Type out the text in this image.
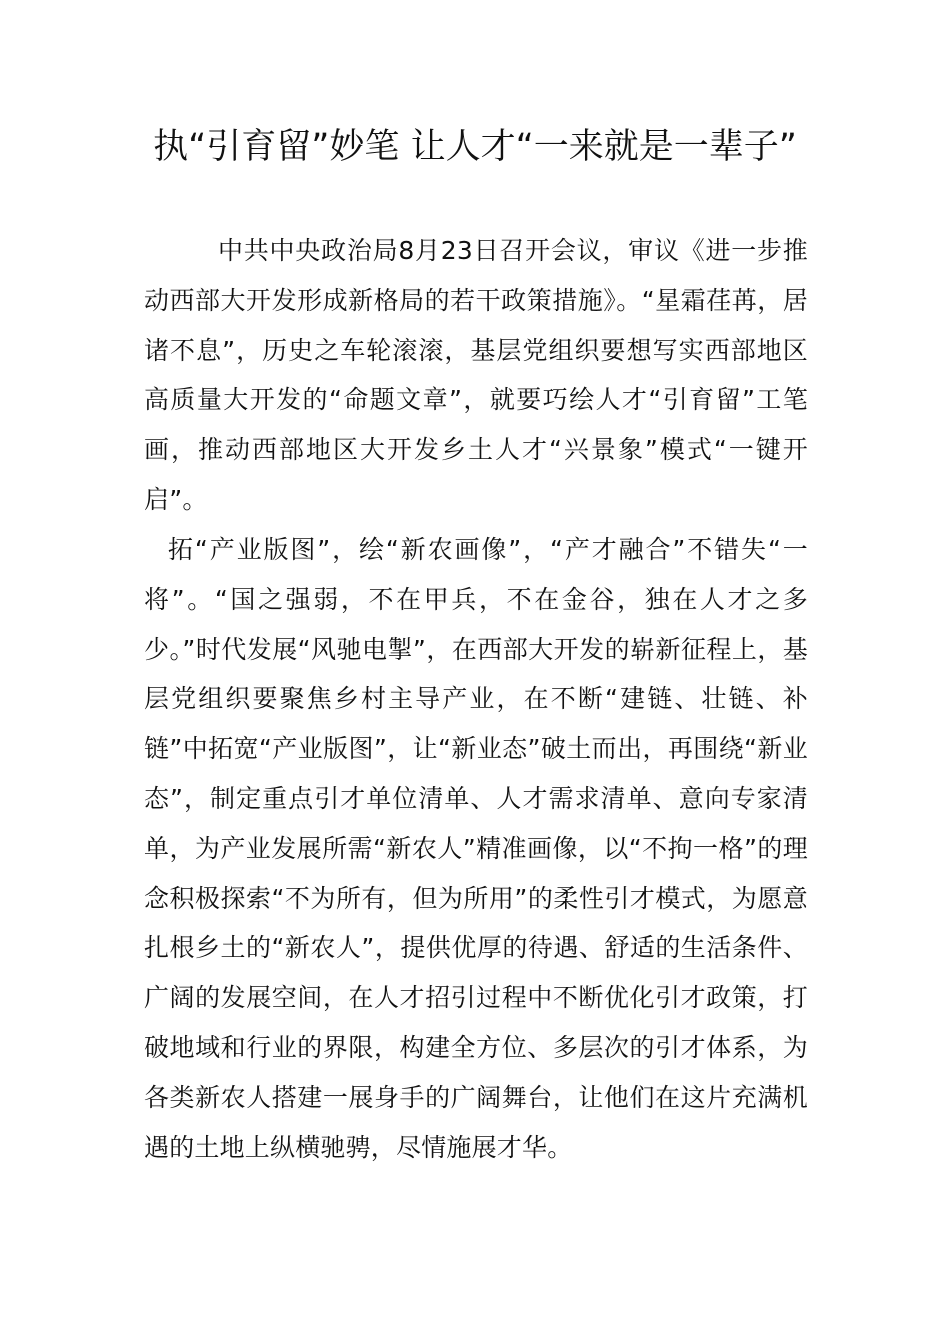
执“引育留”妙笔 让人才“一来就是一辈子”

中共中央政治局8月23日召开会议，审议《进一步推动西部大开发形成新格局的若干政策措施》。“星霜荏苒，居诸不息”，历史之车轮滚滚，基层党组织要想写实西部地区高质量大开发的“命题文章”，就要巧绘人才“引育留”工笔画，推动西部地区大开发乡土人才“兴景象”模式“一键开启”。

拓“产业版图”，绘“新农画像”，“产才融合”不错失“一将”。“国之强弱，不在甲兵，不在金谷，独在人才之多少。”时代发展“风驰电掣”，在西部大开发的崭新征程上，基层党组织要聚焦乡村主导产业，在不断“建链、壮链、补链”中拓宽“产业版图”，让“新业态”破土而出，再围绕“新业态”，制定重点引才单位清单、人才需求清单、意向专家清单，为产业发展所需“新农人”精准画像，以“不拘一格”的理念积极探索“不为所有，但为所用”的柔性引才模式，为愿意扎根乡土的“新农人”，提供优厚的待遇、舒适的生活条件、广阔的发展空间，在人才招引过程中不断优化引才政策，打破地域和行业的界限，构建全方位、多层次的引才体系，为各类新农人搭建一展身手的广阔舞台，让他们在这片充满机遇的土地上纵横驰骋，尽情施展才华。
